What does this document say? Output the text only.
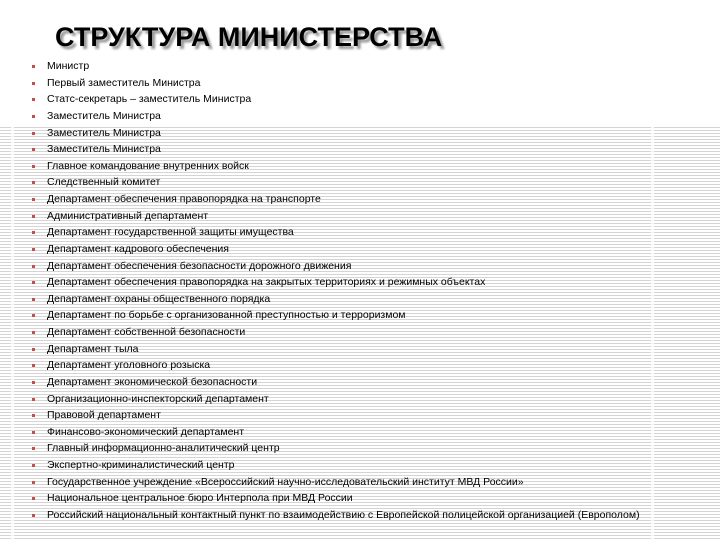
СТРУКТУРА МИНИСТЕРСТВА
Министр
Первый заместитель Министра
Статс-секретарь – заместитель Министра
Заместитель Министра
Заместитель Министра
Заместитель Министра
Главное командование внутренних войск
Следственный комитет
Департамент обеспечения правопорядка на транспорте
Административный департамент
Департамент государственной защиты имущества
Департамент кадрового обеспечения
Департамент обеспечения безопасности дорожного движения
Департамент обеспечения правопорядка на закрытых территориях и режимных объектах
Департамент охраны общественного порядка
Департамент по борьбе с организованной преступностью и терроризмом
Департамент собственной безопасности
Департамент тыла
Департамент уголовного розыска
Департамент экономической безопасности
Организационно-инспекторский департамент
Правовой департамент
Финансово-экономический департамент
Главный информационно-аналитический центр
Экспертно-криминалистический центр
Государственное учреждение «Всероссийский научно-исследовательский институт МВД России»
Национальное центральное бюро Интерпола при МВД России
Российский национальный контактный пункт по взаимодействию с Европейской полицейской организацией (Европолом)
